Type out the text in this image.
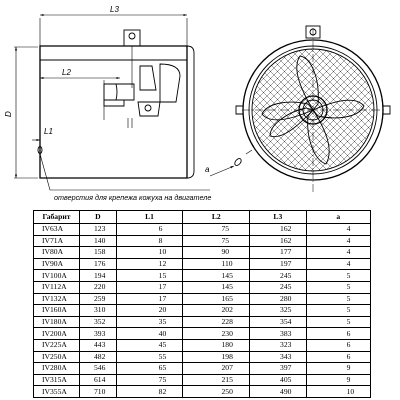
L3
D
L2
L1
отверстия для крепежа кожуха на двигателе
a
Габарит	D	L1	L2	L3	a
IV63A	123	6	75	162	4
IV71A	140	8	75	162	4
IV80A	158	10	90	177	4
IV90A	176	12	110	197	4
IV100A	194	15	145	245	5
IV112A	220	17	145	245	5
IV132A	259	17	165	280	5
IV160A	310	20	202	325	5
IV180A	352	35	228	354	5
IV200A	393	40	230	383	6
IV225A	443	45	180	323	6
IV250A	482	55	198	343	6
IV280A	546	65	207	397	9
IV315A	614	75	215	405	9
IV355A	710	82	250	490	10
